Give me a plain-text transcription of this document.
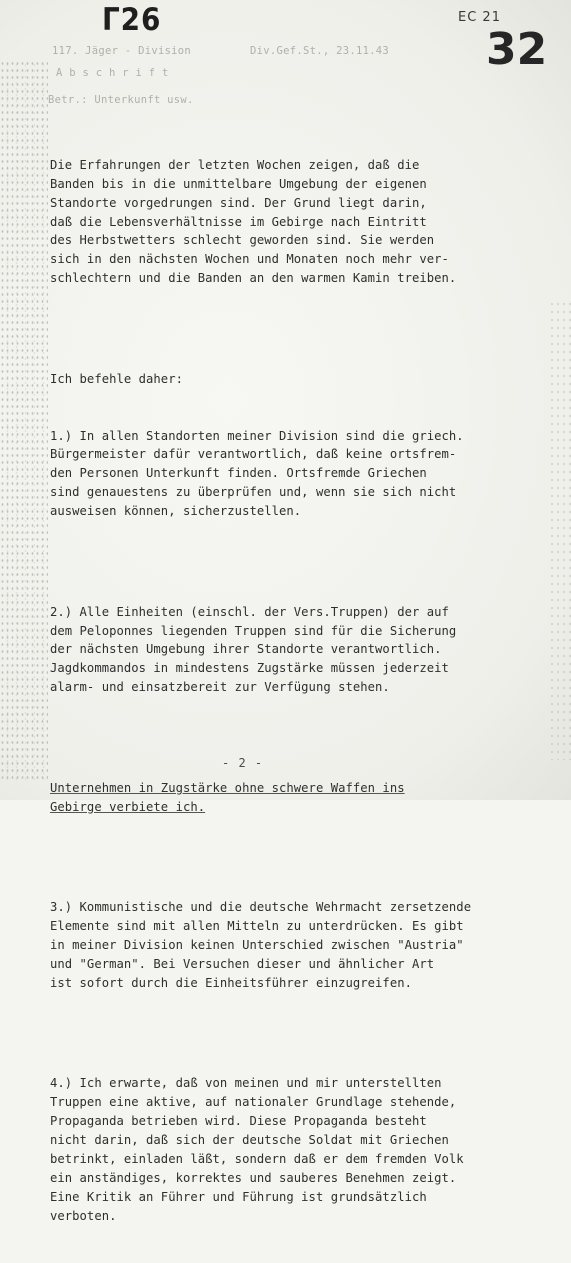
Γ26	EC 21
32
117. Jäger - Division	Div.Gef.St., 23.11.43
A b s c h r i f t
Betr.: Unterkunft usw.

Die Erfahrungen der letzten Wochen zeigen, daß die
Banden bis in die unmittelbare Umgebung der eigenen
Standorte vorgedrungen sind. Der Grund liegt darin,
daß die Lebensverhältnisse im Gebirge nach Eintritt
des Herbstwetters schlecht geworden sind. Sie werden
sich in den nächsten Wochen und Monaten noch mehr ver-
schlechtern und die Banden an den warmen Kamin treiben.

Ich befehle daher:

1.) In allen Standorten meiner Division sind die griech.
Bürgermeister dafür verantwortlich, daß keine ortsfrem-
den Personen Unterkunft finden. Ortsfremde Griechen
sind genauestens zu überprüfen und, wenn sie sich nicht
ausweisen können, sicherzustellen.

2.) Alle Einheiten (einschl. der Vers.Truppen) der auf
dem Peloponnes liegenden Truppen sind für die Sicherung
der nächsten Umgebung ihrer Standorte verantwortlich.
Jagdkommandos in mindestens Zugstärke müssen jederzeit
alarm- und einsatzbereit zur Verfügung stehen.

Unternehmen in Zugstärke ohne schwere Waffen ins
Gebirge verbiete ich.

3.) Kommunistische und die deutsche Wehrmacht zersetzende
Elemente sind mit allen Mitteln zu unterdrücken. Es gibt
in meiner Division keinen Unterschied zwischen "Austria"
und "German". Bei Versuchen dieser und ähnlicher Art
ist sofort durch die Einheitsführer einzugreifen.

4.) Ich erwarte, daß von meinen und mir unterstellten
Truppen eine aktive, auf nationaler Grundlage stehende,
Propaganda betrieben wird. Diese Propaganda besteht
nicht darin, daß sich der deutsche Soldat mit Griechen
betrinkt, einladen läßt, sondern daß er dem fremden Volk
ein anständiges, korrektes und sauberes Benehmen zeigt.
Eine Kritik an Führer und Führung ist grundsätzlich
verboten.

- 2 -
